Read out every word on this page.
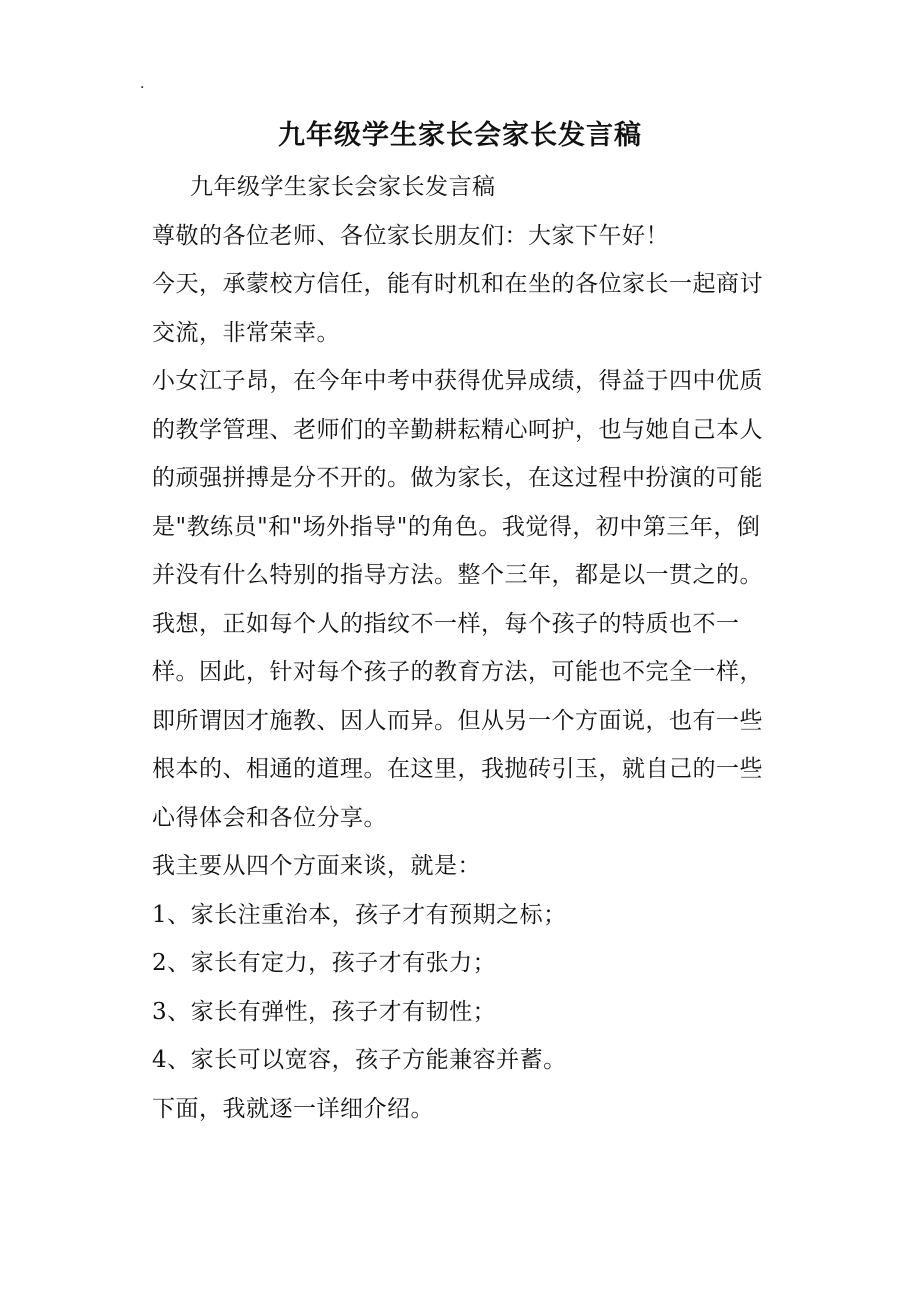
.
九年级学生家长会家长发言稿

九年级学生家长会家长发言稿

尊敬的各位老师、各位家长朋友们：大家下午好！

今天，承蒙校方信任，能有时机和在坐的各位家长一起商讨交流，非常荣幸。

小女江子昂，在今年中考中获得优异成绩，得益于四中优质的教学管理、老师们的辛勤耕耘精心呵护，也与她自己本人的顽强拼搏是分不开的。做为家长，在这过程中扮演的可能是"教练员"和"场外指导"的角色。我觉得，初中第三年，倒并没有什么特别的指导方法。整个三年，都是以一贯之的。

我想，正如每个人的指纹不一样，每个孩子的特质也不一样。因此，针对每个孩子的教育方法，可能也不完全一样，即所谓因才施教、因人而异。但从另一个方面说，也有一些根本的、相通的道理。在这里，我抛砖引玉，就自己的一些心得体会和各位分享。

我主要从四个方面来谈，就是：

1、家长注重治本，孩子才有预期之标；

2、家长有定力，孩子才有张力；

3、家长有弹性，孩子才有韧性；

4、家长可以宽容，孩子方能兼容并蓄。

下面，我就逐一详细介绍。
